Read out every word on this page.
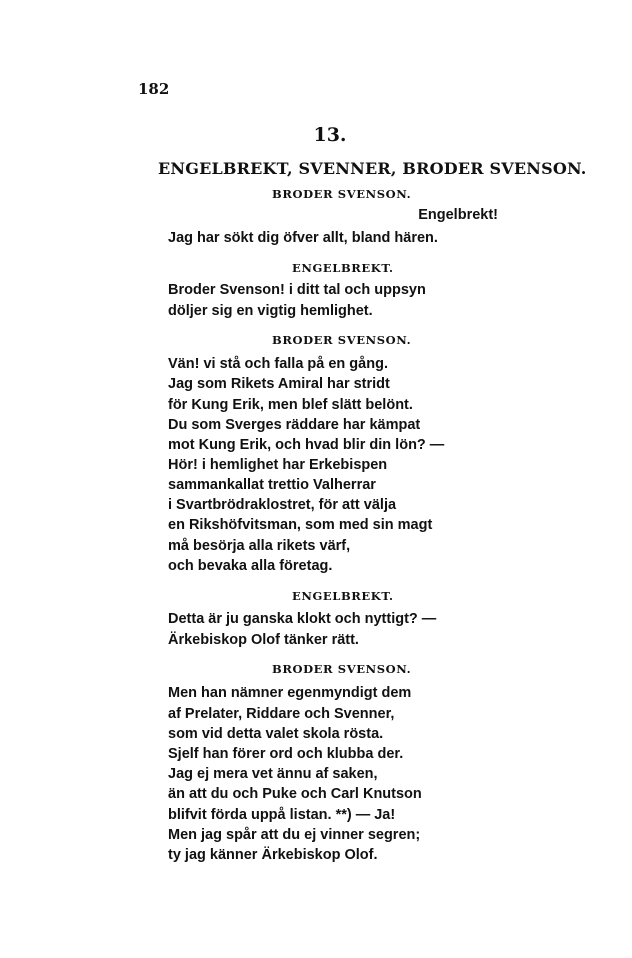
182
13.
ENGELBREKT, SVENNER, BRODER SVENSON.
BRODER SVENSON.
Engelbrekt!
Jag har sökt dig öfver allt, bland hären.
ENGELBREKT.
Broder Svenson! i ditt tal och uppsyn
döljer sig en vigtig hemlighet.
BRODER SVENSON.
Vän! vi stå och falla på en gång.
Jag som Rikets Amiral har stridt
för Kung Erik, men blef slätt belönt.
Du som Sverges räddare har kämpat
mot Kung Erik, och hvad blir din lön? —
Hör! i hemlighet har Erkebispen
sammankallat trettio Valherrar
i Svartbrödraklostret, för att välja
en Rikshöfvitsman, som med sin magt
må besörja alla rikets värf,
och bevaka alla företag.
ENGELBREKT.
Detta är ju ganska klokt och nyttigt? —
Ärkebiskop Olof tänker rätt.
BRODER SVENSON.
Men han nämner egenmyndigt dem
af Prelater, Riddare och Svenner,
som vid detta valet skola rösta.
Sjelf han förer ord och klubba der.
Jag ej mera vet ännu af saken,
än att du och Puke och Carl Knutson
blifvit förda uppå listan. **) — Ja!
Men jag spår att du ej vinner segren;
ty jag känner Ärkebiskop Olof.
